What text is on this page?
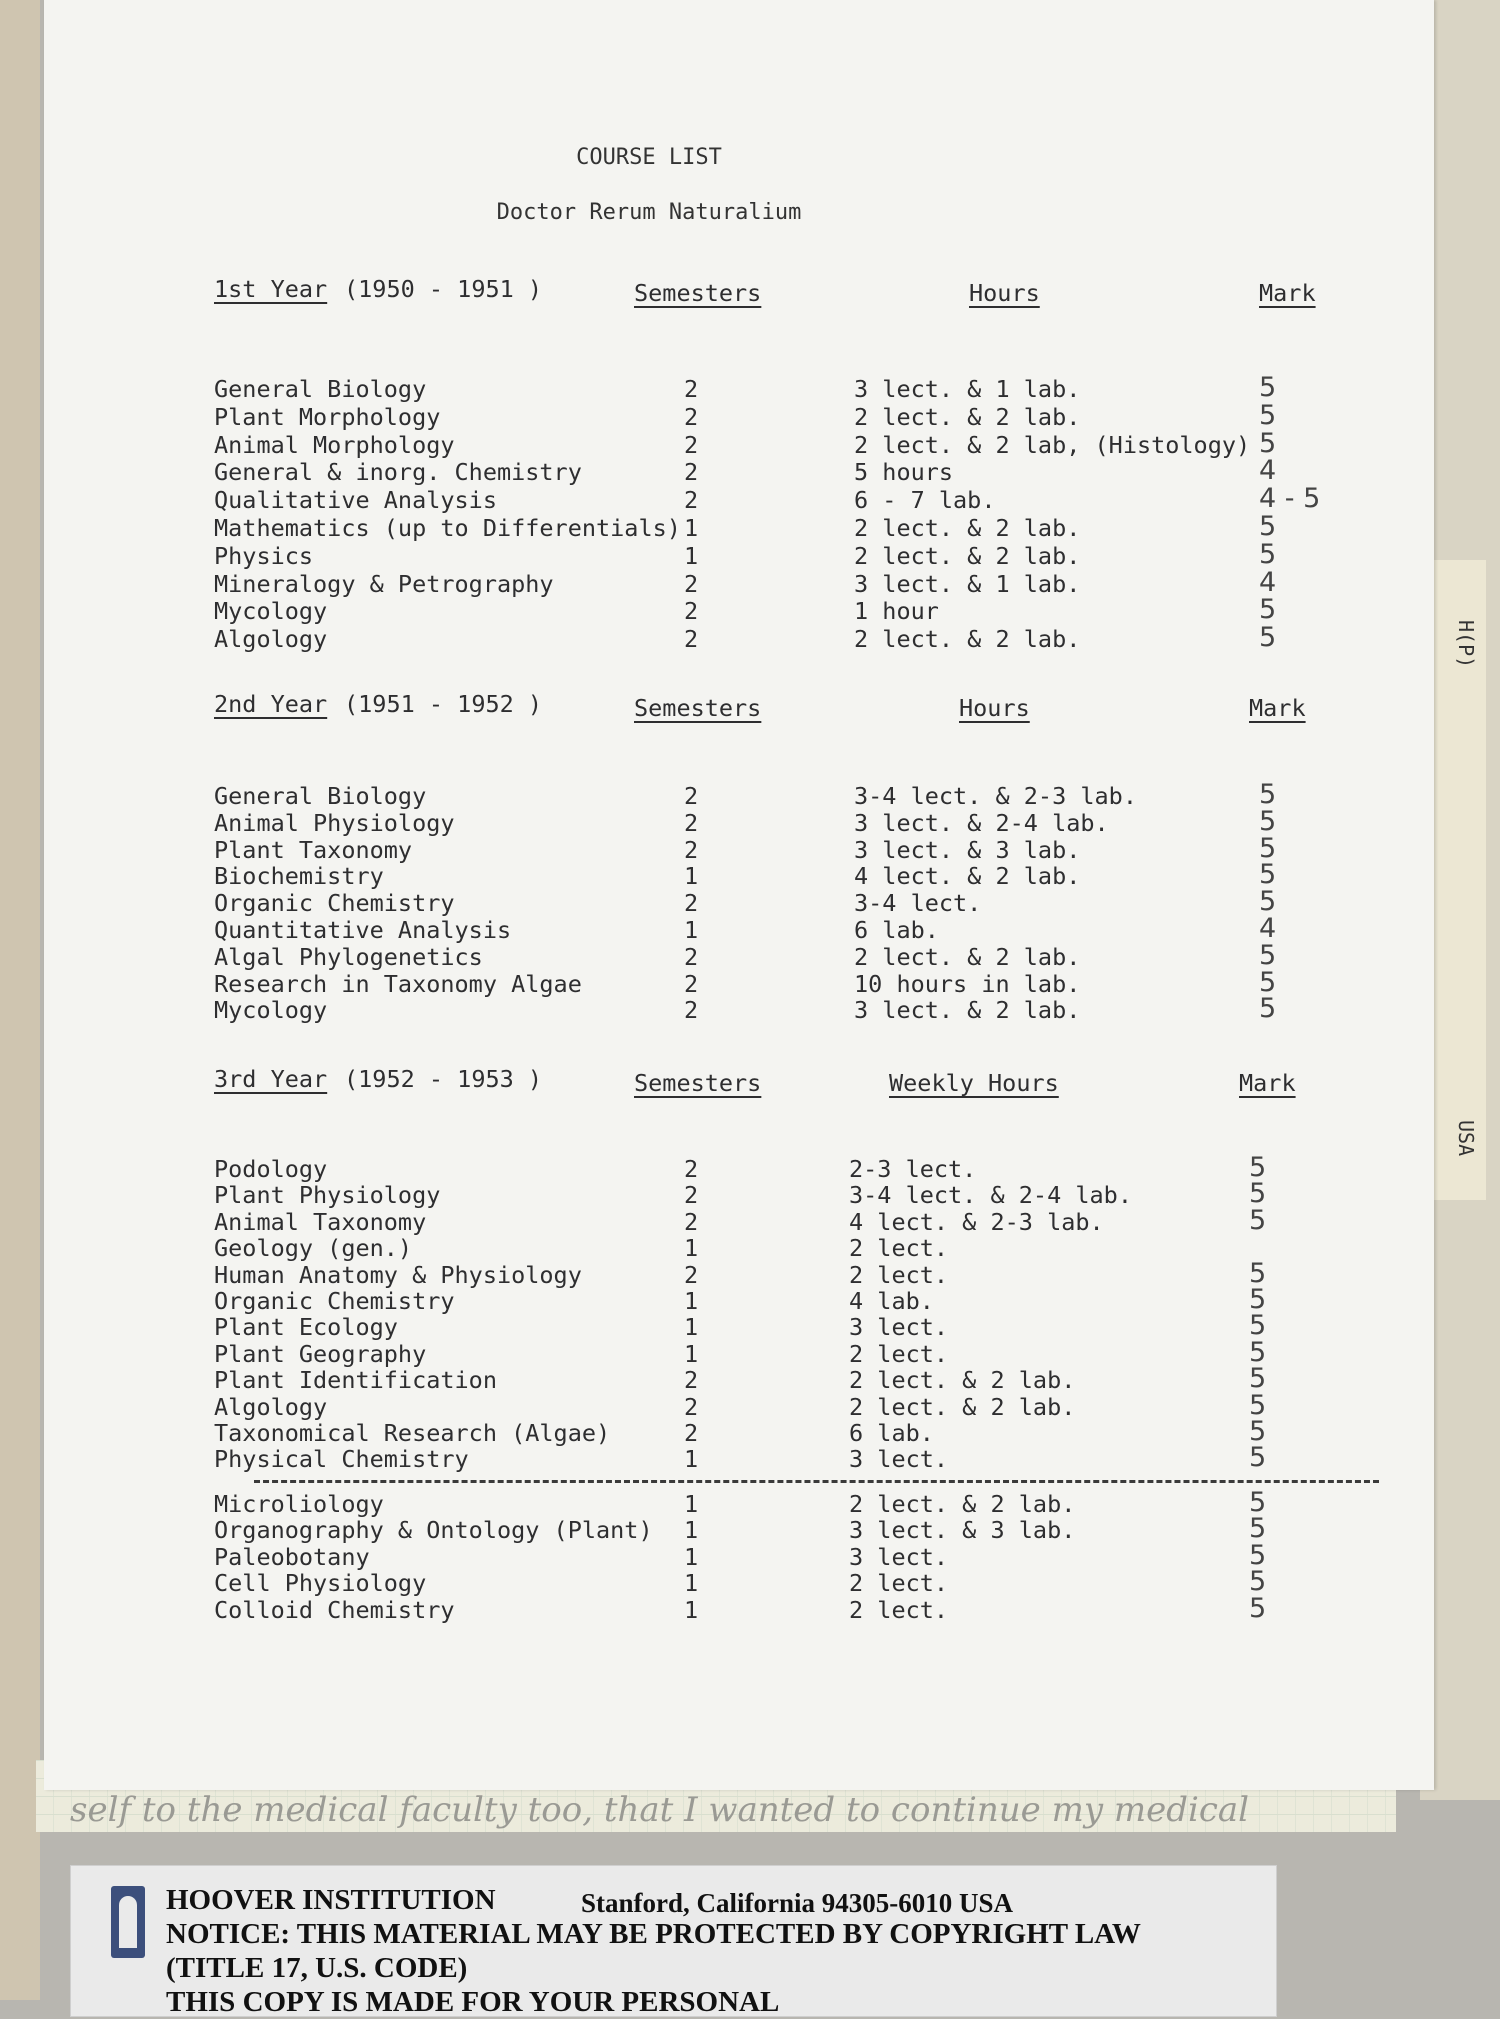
H(P)
USA
self to the medical faculty too, that I wanted to continue my medical
COURSE LIST
Doctor Rerum Naturalium
1st Year (1950 - 1951 )	Semesters	Hours	Mark
General Biology	2	3 lect. & 1 lab.	5
Plant Morphology	2	2 lect. & 2 lab.	5
Animal Morphology	2	2 lect. & 2 lab, (Histology) 5
General & inorg. Chemistry	2	5 hours	4
Qualitative Analysis	2	6 - 7 lab.	4 - 5
Mathematics (up to Differentials) 1	2 lect. & 2 lab.	5
Physics	1	2 lect. & 2 lab.	5
Mineralogy & Petrography	2	3 lect. & 1 lab.	4
Mycology	2	1 hour	5
Algology	2	2 lect. & 2 lab.	5
2nd Year (1951 - 1952 )	Semesters	Hours	Mark
General Biology	2	3-4 lect. & 2-3 lab.	5
Animal Physiology	2	3 lect. & 2-4 lab.	5
Plant Taxonomy	2	3 lect. & 3 lab.	5
Biochemistry	1	4 lect. & 2 lab.	5
Organic Chemistry	2	3-4 lect.	5
Quantitative Analysis	1	6 lab.	4
Algal Phylogenetics	2	2 lect. & 2 lab.	5
Research in Taxonomy Algae	2	10 hours in lab.	5
Mycology	2	3 lect. & 2 lab.	5
3rd Year (1952 - 1953 )	Semesters	Weekly Hours	Mark
Podology	2	2-3 lect.	5
Plant Physiology	2	3-4 lect. & 2-4 lab.	5
Animal Taxonomy	2	4 lect. & 2-3 lab.	5
Geology (gen.)	1	2 lect.
Human Anatomy & Physiology	2	2 lect.	5
Organic Chemistry	1	4 lab.	5
Plant Ecology	1	3 lect.	5
Plant Geography	1	2 lect.	5
Plant Identification	2	2 lect. & 2 lab.	5
Algology	2	2 lect. & 2 lab.	5
Taxonomical Research (Algae)	2	6 lab.	5
Physical Chemistry	1	3 lect.	5
Microliology	1	2 lect. & 2 lab.	5
Organography & Ontology (Plant) 1	3 lect. & 3 lab.	5
Paleobotany	1	3 lect.	5
Cell Physiology	1	2 lect.	5
Colloid Chemistry	1	2 lect.	5
HOOVER INSTITUTION	Stanford, California 94305-6010 USA
NOTICE: THIS MATERIAL MAY BE PROTECTED BY COPYRIGHT LAW
(TITLE 17, U.S. CODE)
THIS COPY IS MADE FOR YOUR PERSONAL
